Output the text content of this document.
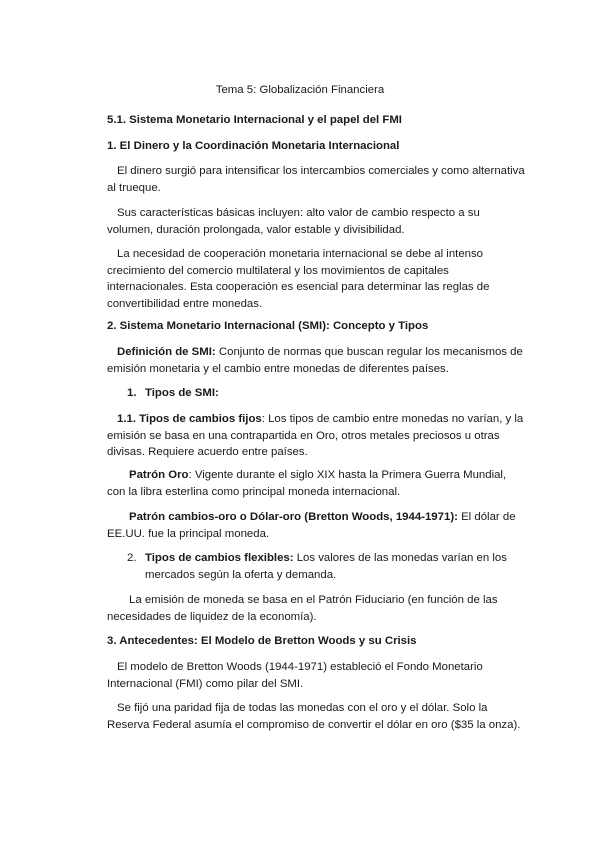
Tema 5: Globalización Financiera

5.1. Sistema Monetario Internacional y el papel del FMI

1. El Dinero y la Coordinación Monetaria Internacional

El dinero surgió para intensificar los intercambios comerciales y como alternativa al trueque.

Sus características básicas incluyen: alto valor de cambio respecto a su volumen, duración prolongada, valor estable y divisibilidad.

La necesidad de cooperación monetaria internacional se debe al intenso crecimiento del comercio multilateral y los movimientos de capitales internacionales. Esta cooperación es esencial para determinar las reglas de convertibilidad entre monedas.

2. Sistema Monetario Internacional (SMI): Concepto y Tipos

Definición de SMI: Conjunto de normas que buscan regular los mecanismos de emisión monetaria y el cambio entre monedas de diferentes países.

1. Tipos de SMI:

1.1. Tipos de cambios fijos: Los tipos de cambio entre monedas no varían, y la emisión se basa en una contrapartida en Oro, otros metales preciosos u otras divisas. Requiere acuerdo entre países.

Patrón Oro: Vigente durante el siglo XIX hasta la Primera Guerra Mundial, con la libra esterlina como principal moneda internacional.

Patrón cambios-oro o Dólar-oro (Bretton Woods, 1944-1971): El dólar de EE.UU. fue la principal moneda.

2. Tipos de cambios flexibles: Los valores de las monedas varían en los mercados según la oferta y demanda.

La emisión de moneda se basa en el Patrón Fiduciario (en función de las necesidades de liquidez de la economía).

3. Antecedentes: El Modelo de Bretton Woods y su Crisis

El modelo de Bretton Woods (1944-1971) estableció el Fondo Monetario Internacional (FMI) como pilar del SMI.

Se fijó una paridad fija de todas las monedas con el oro y el dólar. Solo la Reserva Federal asumía el compromiso de convertir el dólar en oro ($35 la onza).
